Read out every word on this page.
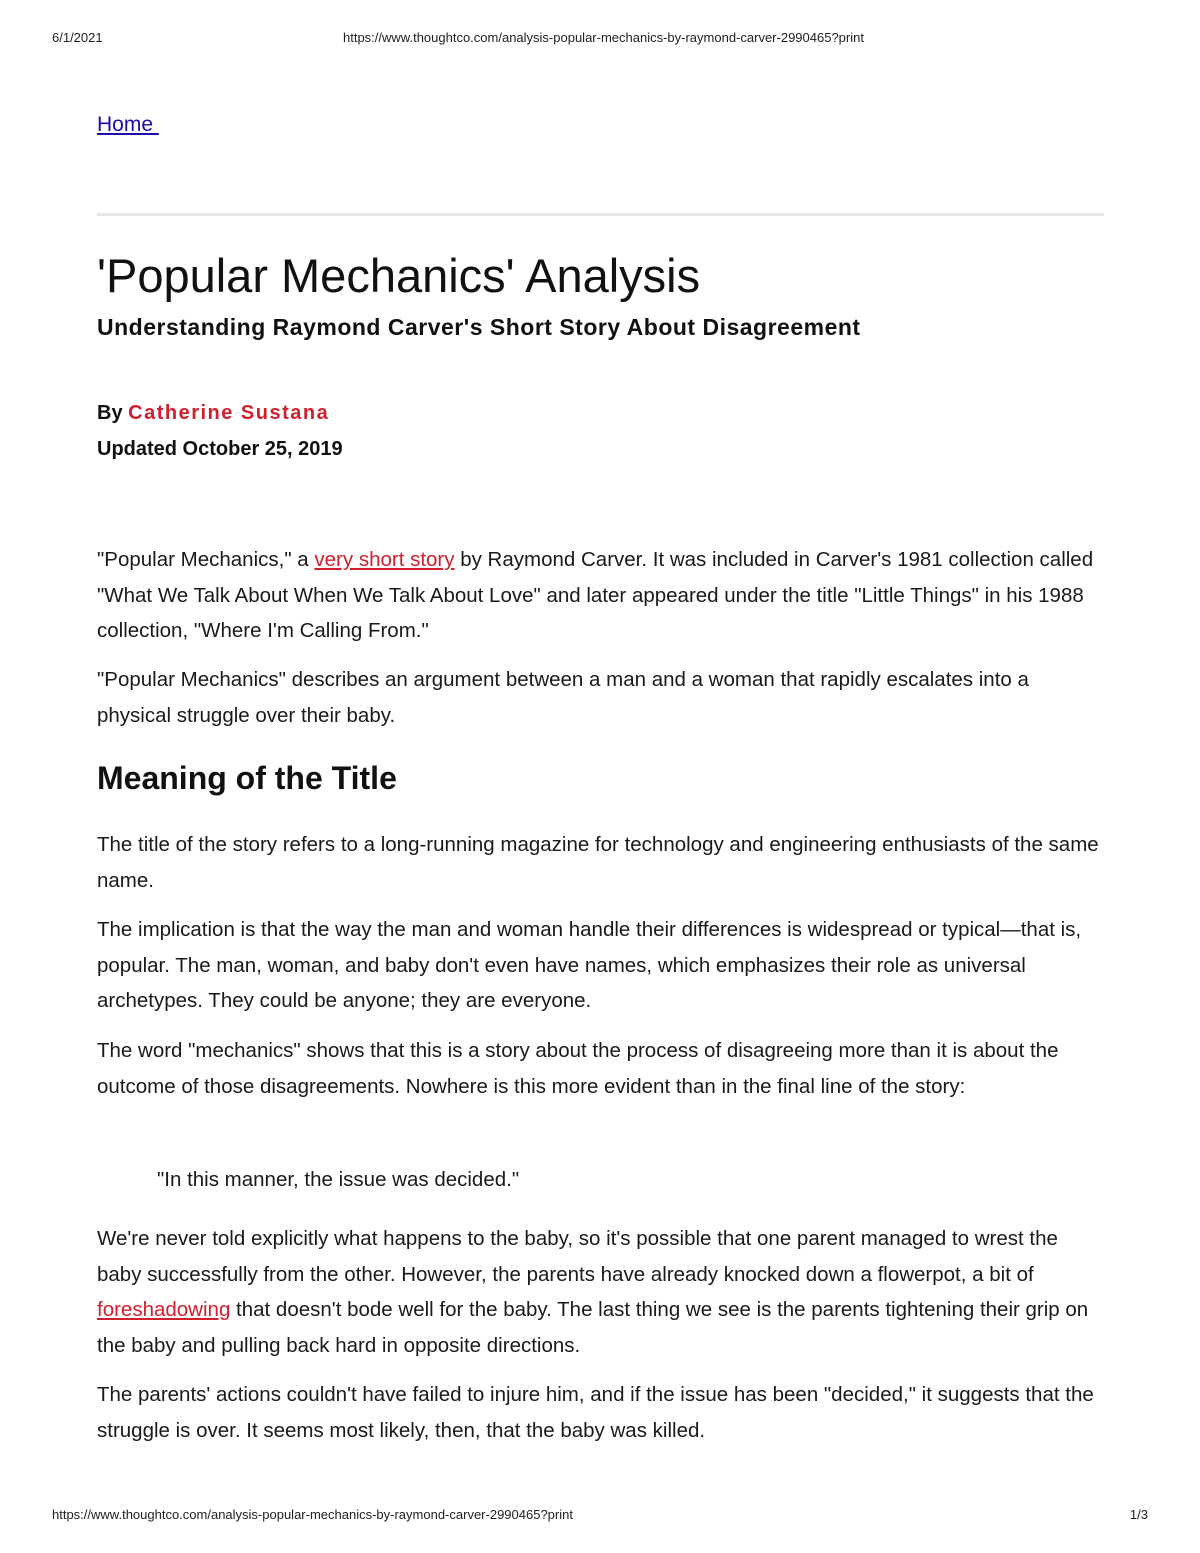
6/1/2021	https://www.thoughtco.com/analysis-popular-mechanics-by-raymond-carver-2990465?print
Home
'Popular Mechanics' Analysis
Understanding Raymond Carver's Short Story About Disagreement
By Catherine Sustana
Updated October 25, 2019

"Popular Mechanics," a very short story by Raymond Carver. It was included in Carver's 1981 collection called "What We Talk About When We Talk About Love" and later appeared under the title "Little Things" in his 1988 collection, "Where I'm Calling From."

"Popular Mechanics" describes an argument between a man and a woman that rapidly escalates into a physical struggle over their baby.

Meaning of the Title

The title of the story refers to a long-running magazine for technology and engineering enthusiasts of the same name.

The implication is that the way the man and woman handle their differences is widespread or typical—that is, popular. The man, woman, and baby don't even have names, which emphasizes their role as universal archetypes. They could be anyone; they are everyone.

The word "mechanics" shows that this is a story about the process of disagreeing more than it is about the outcome of those disagreements. Nowhere is this more evident than in the final line of the story:

"In this manner, the issue was decided."

We're never told explicitly what happens to the baby, so it's possible that one parent managed to wrest the baby successfully from the other. However, the parents have already knocked down a flowerpot, a bit of foreshadowing that doesn't bode well for the baby. The last thing we see is the parents tightening their grip on the baby and pulling back hard in opposite directions.

The parents' actions couldn't have failed to injure him, and if the issue has been "decided," it suggests that the struggle is over. It seems most likely, then, that the baby was killed.

https://www.thoughtco.com/analysis-popular-mechanics-by-raymond-carver-2990465?print	1/3
